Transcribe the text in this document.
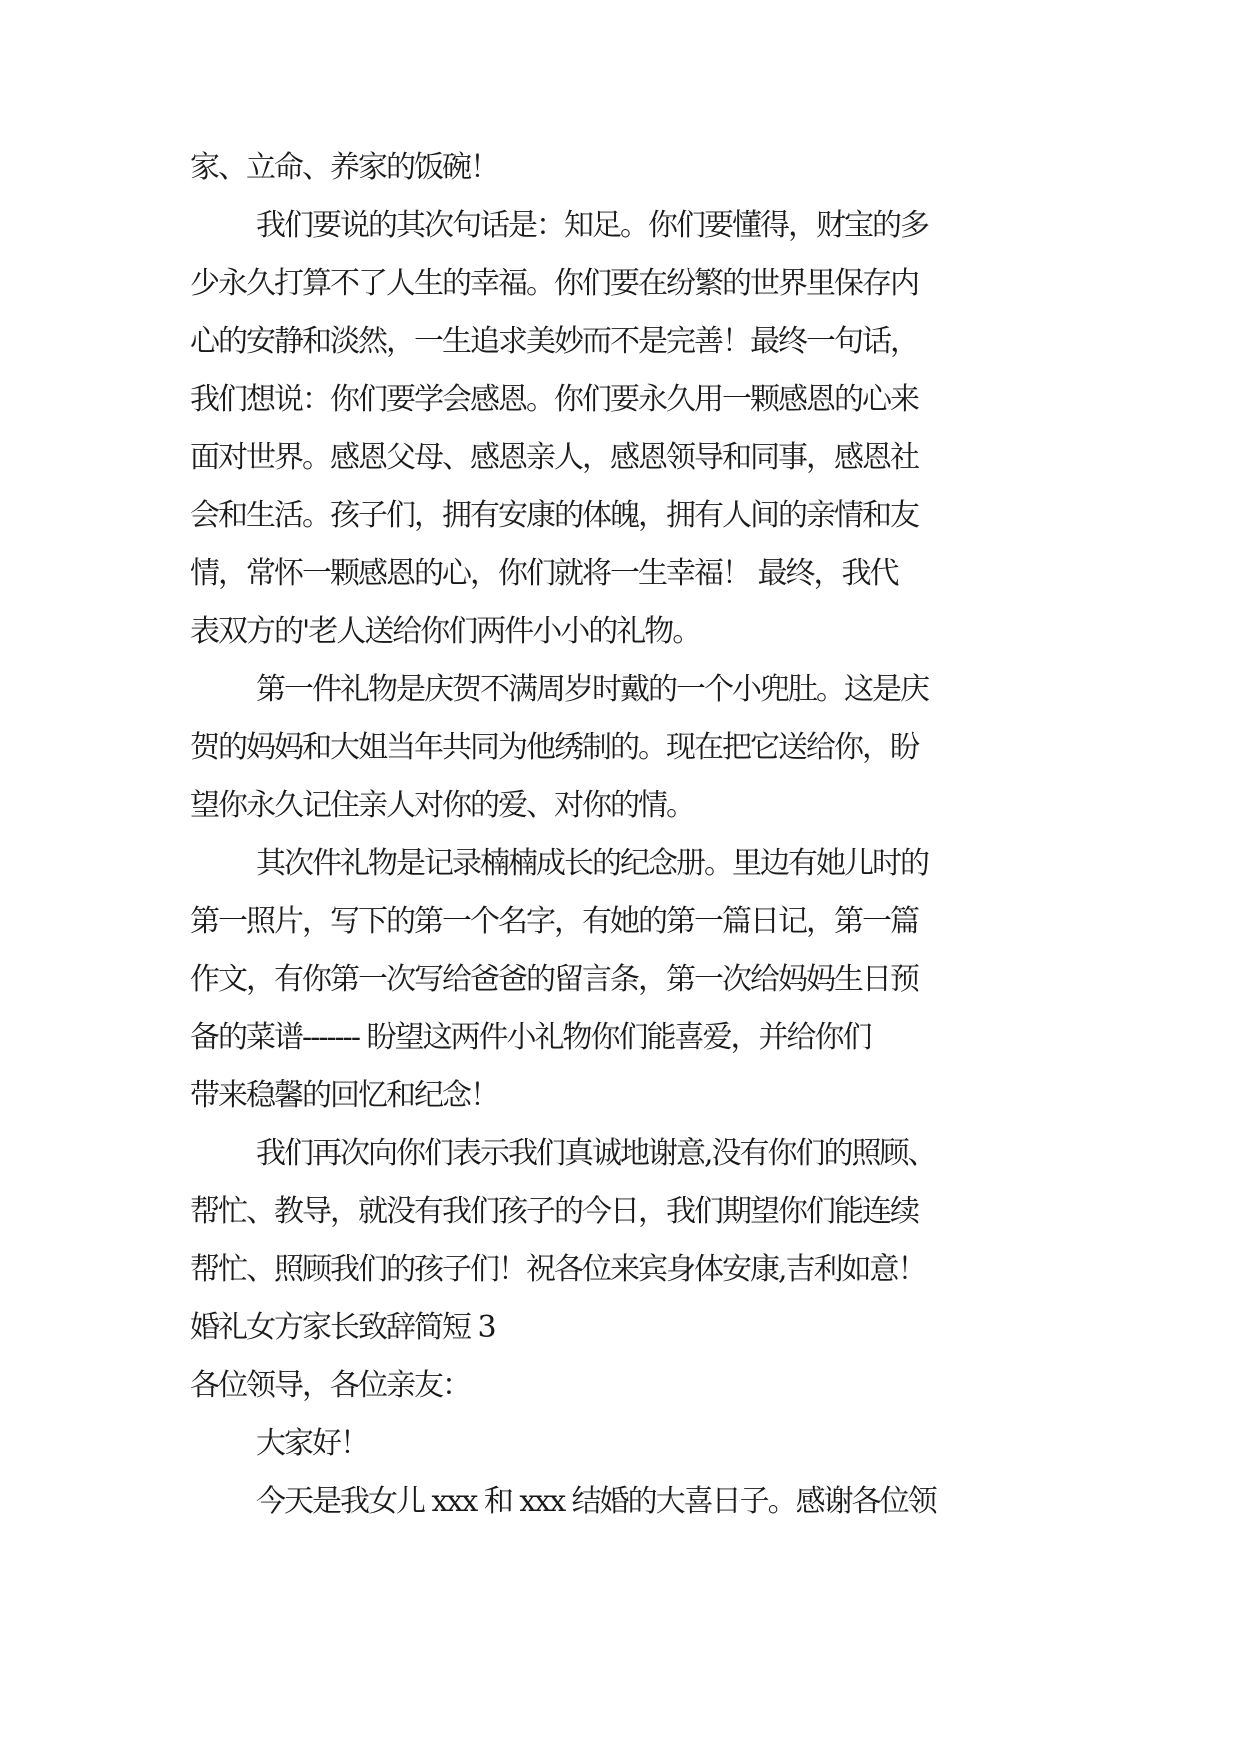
家、立命、养家的饭碗！
我们要说的其次句话是：知足。你们要懂得，财宝的多
少永久打算不了人生的幸福。你们要在纷繁的世界里保存内
心的安静和淡然，一生追求美妙而不是完善！最终一句话，
我们想说：你们要学会感恩。你们要永久用一颗感恩的心来
面对世界。感恩父母、感恩亲人，感恩领导和同事，感恩社
会和生活。孩子们，拥有安康的体魄，拥有人间的亲情和友
情，常怀一颗感恩的心，你们就将一生幸福！ 最终，我代
表双方的'老人送给你们两件小小的礼物。
第一件礼物是庆贺不满周岁时戴的一个小兜肚。这是庆
贺的妈妈和大姐当年共同为他绣制的。现在把它送给你，盼
望你永久记住亲人对你的爱、对你的情。
其次件礼物是记录楠楠成长的纪念册。里边有她儿时的
第一照片，写下的第一个名字，有她的第一篇日记，第一篇
作文，有你第一次写给爸爸的留言条，第一次给妈妈生日预
备的菜谱------- 盼望这两件小礼物你们能喜爱，并给你们
带来稳馨的回忆和纪念！
我们再次向你们表示我们真诚地谢意,没有你们的照顾、
帮忙、教导，就没有我们孩子的今日，我们期望你们能连续
帮忙、照顾我们的孩子们！祝各位来宾身体安康,吉利如意！
婚礼女方家长致辞简短 3
各位领导，各位亲友：
大家好！
今天是我女儿 xxx 和 xxx 结婚的大喜日子。感谢各位领
